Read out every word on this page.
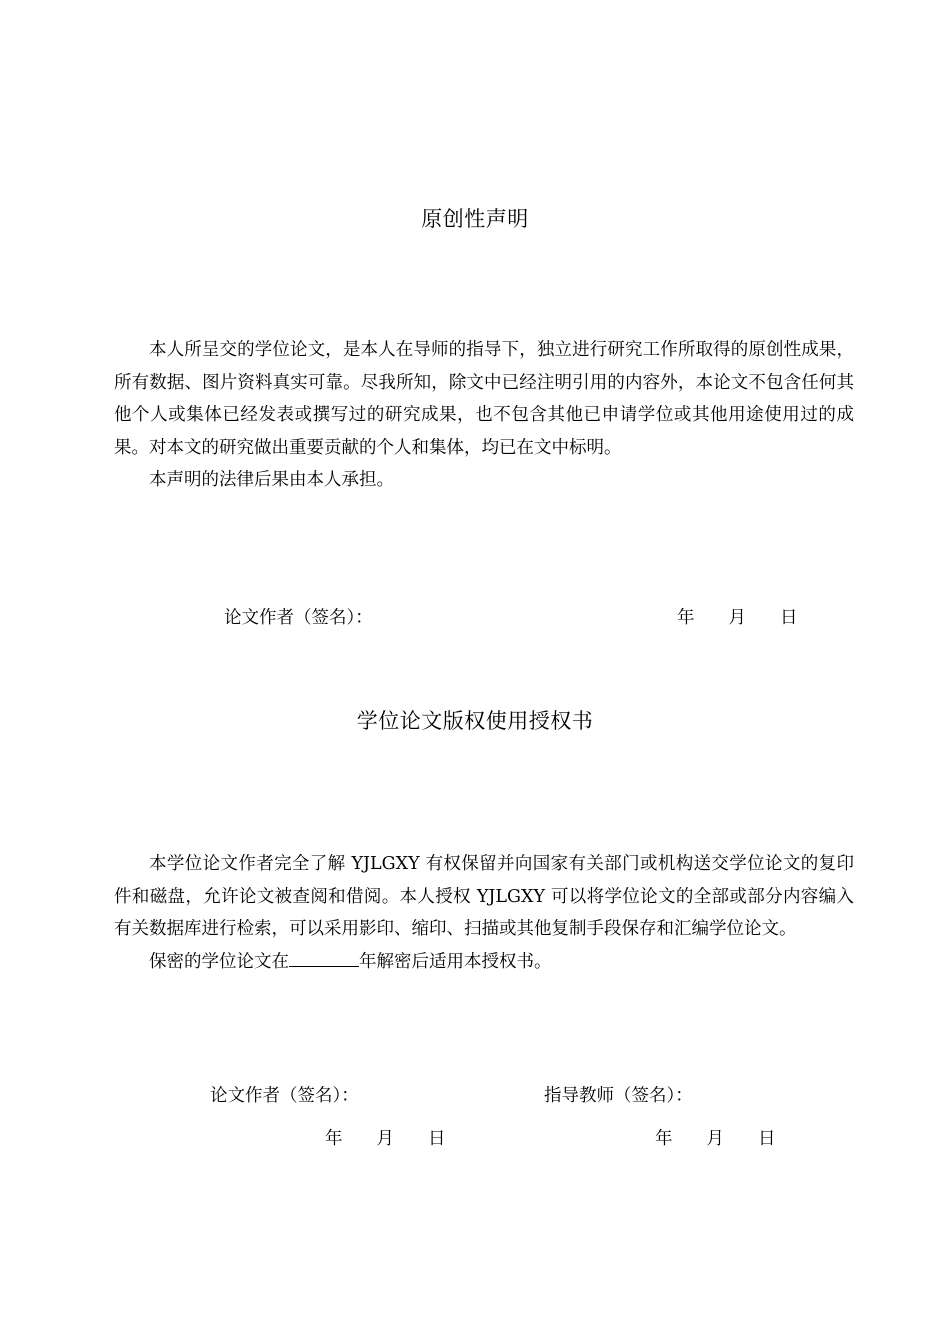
原创性声明

本人所呈交的学位论文，是本人在导师的指导下，独立进行研究工作所取得的原创性成果，所有数据、图片资料真实可靠。尽我所知，除文中已经注明引用的内容外，本论文不包含任何其他个人或集体已经发表或撰写过的研究成果，也不包含其他已申请学位或其他用途使用过的成果。对本文的研究做出重要贡献的个人和集体，均已在文中标明。

本声明的法律后果由本人承担。

论文作者（签名）：	年 月 日
学位论文版权使用授权书

本学位论文作者完全了解 YJLGXY 有权保留并向国家有关部门或机构送交学位论文的复印件和磁盘，允许论文被查阅和借阅。本人授权 YJLGXY 可以将学位论文的全部或部分内容编入有关数据库进行检索，可以采用影印、缩印、扫描或其他复制手段保存和汇编学位论文。

保密的学位论文在	年解密后适用本授权书。

论文作者（签名）：	指导教师（签名）：
年 月 日	年 月 日
